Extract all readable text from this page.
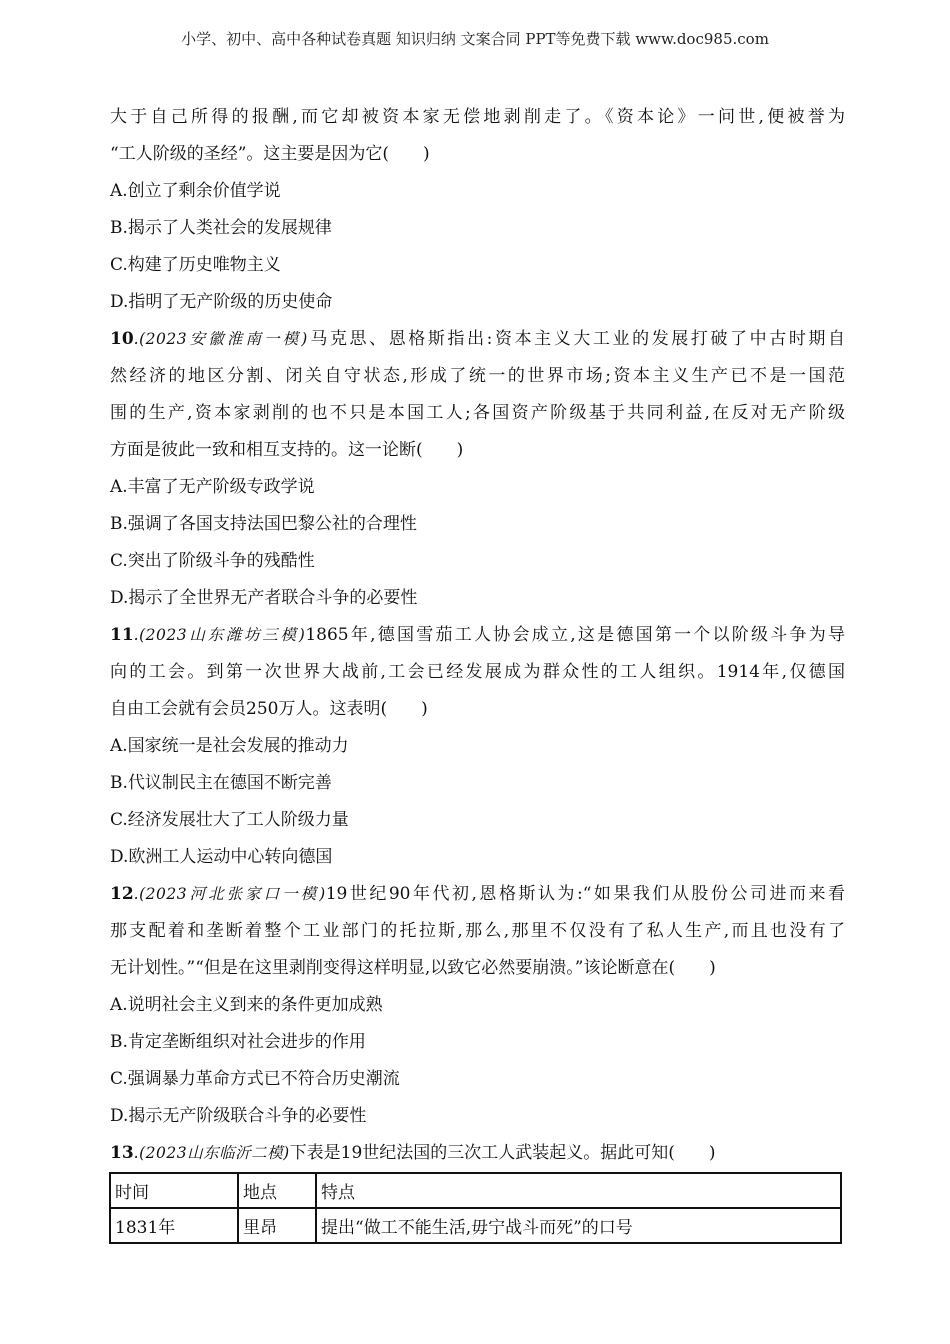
小学、初中、高中各种试卷真题 知识归纳 文案合同 PPT等免费下载 www.doc985.com
大于自己所得的报酬,而它却被资本家无偿地剥削走了。《资本论》一问世,便被誉为
“工人阶级的圣经”。这主要是因为它(　　)
A.创立了剩余价值学说
B.揭示了人类社会的发展规律
C.构建了历史唯物主义
D.指明了无产阶级的历史使命
10.(2023安徽淮南一模)马克思、恩格斯指出:资本主义大工业的发展打破了中古时期自
然经济的地区分割、闭关自守状态,形成了统一的世界市场;资本主义生产已不是一国范
围的生产,资本家剥削的也不只是本国工人;各国资产阶级基于共同利益,在反对无产阶级
方面是彼此一致和相互支持的。这一论断(　　)
A.丰富了无产阶级专政学说
B.强调了各国支持法国巴黎公社的合理性
C.突出了阶级斗争的残酷性
D.揭示了全世界无产者联合斗争的必要性
11.(2023山东潍坊三模)1865年,德国雪茄工人协会成立,这是德国第一个以阶级斗争为导
向的工会。到第一次世界大战前,工会已经发展成为群众性的工人组织。1914年,仅德国
自由工会就有会员250万人。这表明(　　)
A.国家统一是社会发展的推动力
B.代议制民主在德国不断完善
C.经济发展壮大了工人阶级力量
D.欧洲工人运动中心转向德国
12.(2023河北张家口一模)19世纪90年代初,恩格斯认为:“如果我们从股份公司进而来看
那支配着和垄断着整个工业部门的托拉斯,那么,那里不仅没有了私人生产,而且也没有了
无计划性。”“但是在这里剥削变得这样明显,以致它必然要崩溃。”该论断意在(　　)
A.说明社会主义到来的条件更加成熟
B.肯定垄断组织对社会进步的作用
C.强调暴力革命方式已不符合历史潮流
D.揭示无产阶级联合斗争的必要性
13.(2023山东临沂二模)下表是19世纪法国的三次工人武装起义。据此可知(　　)
时间	地点	特点
1831年	里昂	提出“做工不能生活,毋宁战斗而死”的口号
